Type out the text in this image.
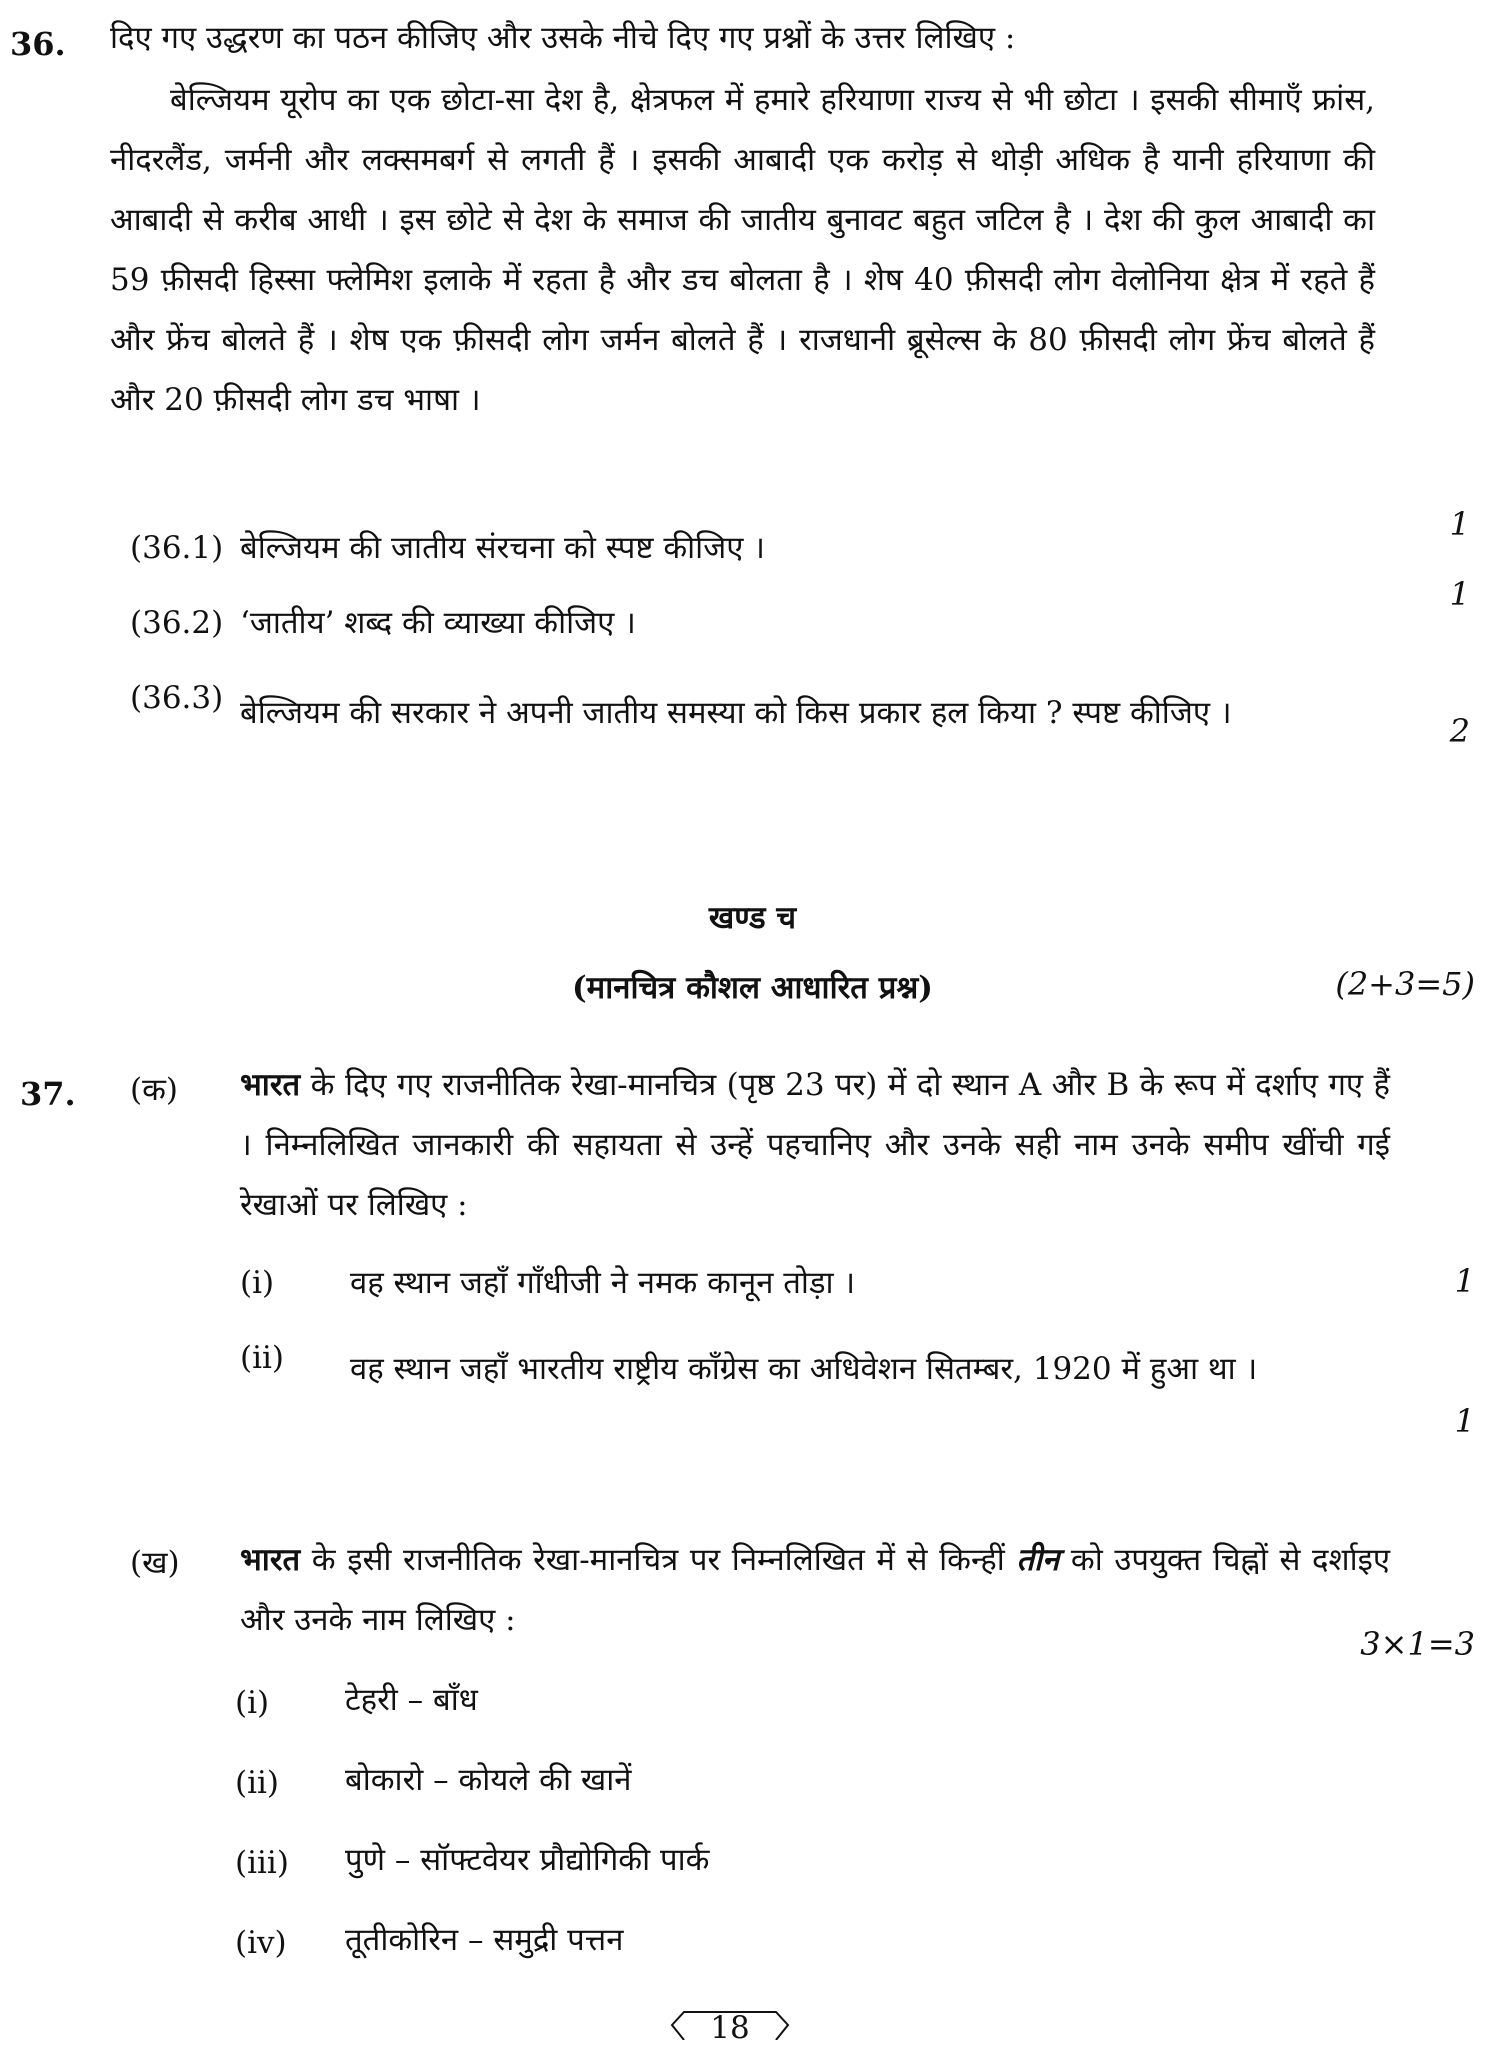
36. दिए गए उद्धरण का पठन कीजिए और उसके नीचे दिए गए प्रश्नों के उत्तर लिखिए :
बेल्जियम यूरोप का एक छोटा-सा देश है, क्षेत्रफल में हमारे हरियाणा राज्य से भी छोटा । इसकी सीमाएँ फ्रांस, नीदरलैंड, जर्मनी और लक्समबर्ग से लगती हैं । इसकी आबादी एक करोड़ से थोड़ी अधिक है यानी हरियाणा की आबादी से करीब आधी । इस छोटे से देश के समाज की जातीय बुनावट बहुत जटिल है । देश की कुल आबादी का 59 फ़ीसदी हिस्सा फ्लेमिश इलाके में रहता है और डच बोलता है । शेष 40 फ़ीसदी लोग वेलोनिया क्षेत्र में रहते हैं और फ्रेंच बोलते हैं । शेष एक फ़ीसदी लोग जर्मन बोलते हैं । राजधानी ब्रूसेल्स के 80 फ़ीसदी लोग फ्रेंच बोलते हैं और 20 फ़ीसदी लोग डच भाषा ।
(36.1) बेल्जियम की जातीय संरचना को स्पष्ट कीजिए ।
1
(36.2) ‘जातीय’ शब्द की व्याख्या कीजिए ।
1
(36.3) बेल्जियम की सरकार ने अपनी जातीय समस्या को किस प्रकार हल किया ? स्पष्ट कीजिए ।	2
खण्ड च
(मानचित्र कौशल आधारित प्रश्न)	(2+3=5)
37. (क) भारत के दिए गए राजनीतिक रेखा-मानचित्र (पृष्ठ 23 पर) में दो स्थान A और B के रूप में दर्शाए गए हैं । निम्नलिखित जानकारी की सहायता से उन्हें पहचानिए और उनके सही नाम उनके समीप खींची गई रेखाओं पर लिखिए :
(i) वह स्थान जहाँ गाँधीजी ने नमक कानून तोड़ा ।	1
(ii) वह स्थान जहाँ भारतीय राष्ट्रीय काँग्रेस का अधिवेशन सितम्बर, 1920 में हुआ था ।
1
(ख) भारत के इसी राजनीतिक रेखा-मानचित्र पर निम्नलिखित में से किन्हीं तीन को उपयुक्त चिह्नों से दर्शाइए और उनके नाम लिखिए :
3×1=3
(i) टेहरी – बाँध
(ii) बोकारो – कोयले की खानें
(iii) पुणे – सॉफ्टवेयर प्रौद्योगिकी पार्क
(iv) तूतीकोरिन – समुद्री पत्तन
18
